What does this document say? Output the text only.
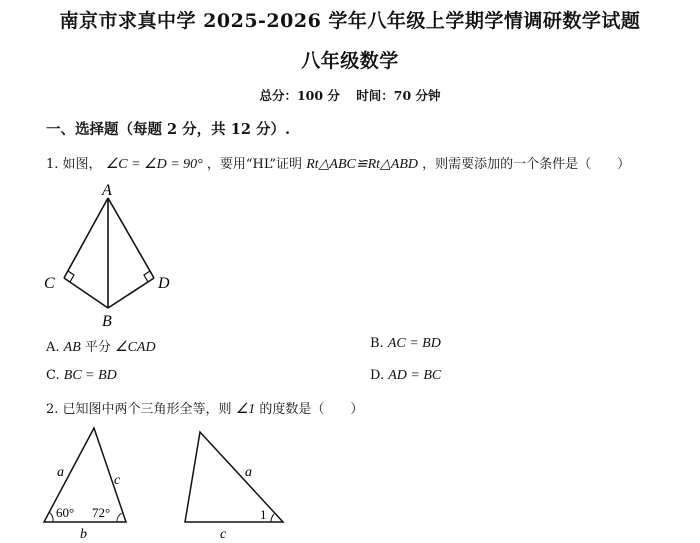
南京市求真中学 2025-2026 学年八年级上学期学情调研数学试题
八年级数学
总分：100 分 时间：70 分钟
一、选择题（每题 2 分，共 12 分）.
1. 如图， ∠C = ∠D = 90° ，要用“HL”证明 Rt△ABC≌Rt△ABD ，则需要添加的一个条件是（　　）
A
C	D
B
A. AB 平分 ∠CAD	B. AC = BD
C. BC = BD	D. AD = BC
2. 已知图中两个三角形全等，则 ∠1 的度数是（　　）
a
c
b
60° 72°
a
c
1
